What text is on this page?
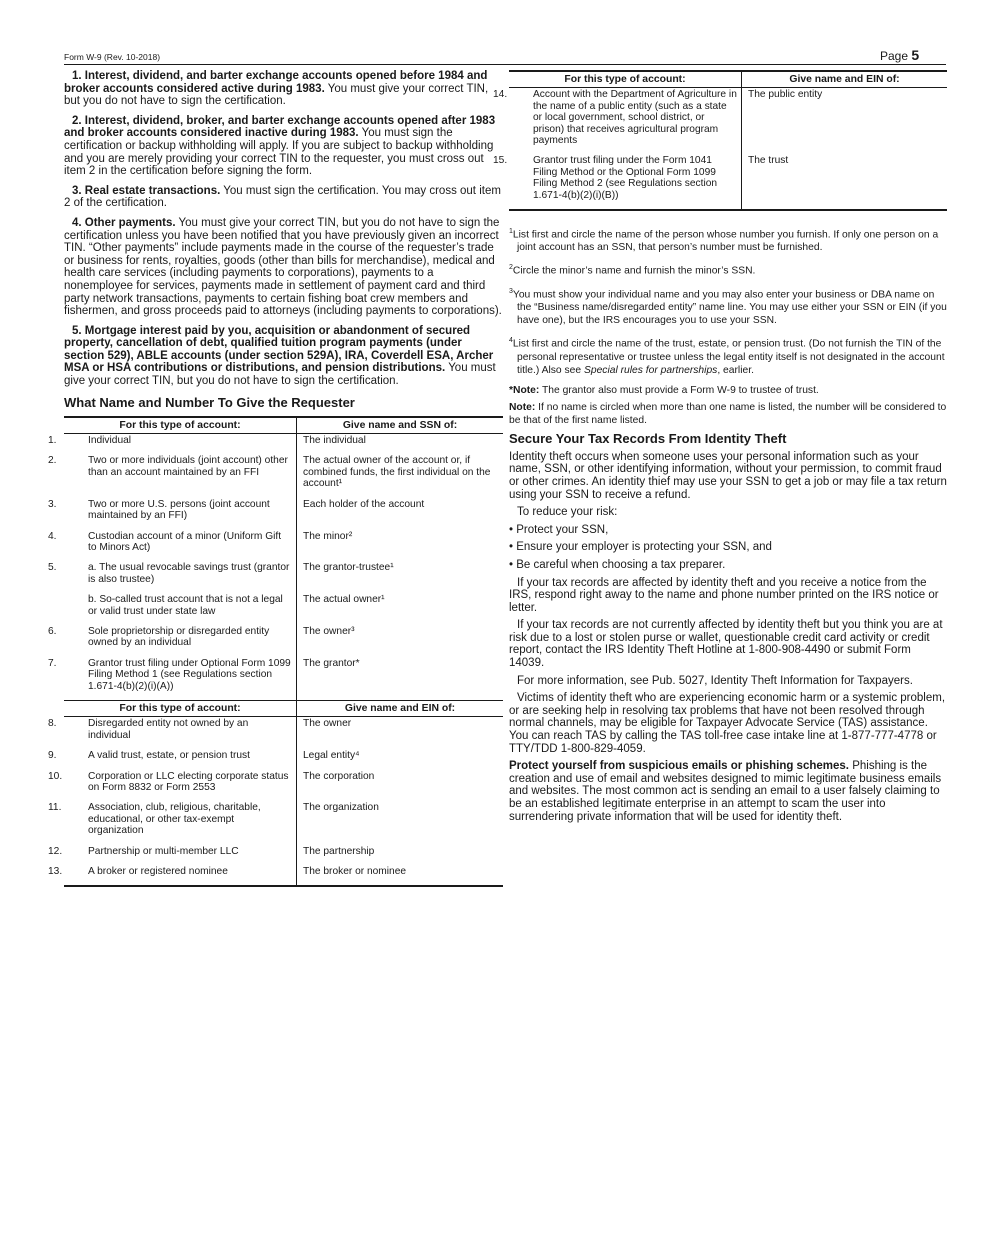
Form W-9 (Rev. 10-2018)	Page 5

1. Interest, dividend, and barter exchange accounts opened before 1984 and broker accounts considered active during 1983. You must give your correct TIN, but you do not have to sign the certification.

2. Interest, dividend, broker, and barter exchange accounts opened after 1983 and broker accounts considered inactive during 1983. You must sign the certification or backup withholding will apply. If you are subject to backup withholding and you are merely providing your correct TIN to the requester, you must cross out item 2 in the certification before signing the form.

3. Real estate transactions. You must sign the certification. You may cross out item 2 of the certification.

4. Other payments. You must give your correct TIN, but you do not have to sign the certification unless you have been notified that you have previously given an incorrect TIN. “Other payments” include payments made in the course of the requester’s trade or business for rents, royalties, goods (other than bills for merchandise), medical and health care services (including payments to corporations), payments to a nonemployee for services, payments made in settlement of payment card and third party network transactions, payments to certain fishing boat crew members and fishermen, and gross proceeds paid to attorneys (including payments to corporations).

5. Mortgage interest paid by you, acquisition or abandonment of secured property, cancellation of debt, qualified tuition program payments (under section 529), ABLE accounts (under section 529A), IRA, Coverdell ESA, Archer MSA or HSA contributions or distributions, and pension distributions. You must give your correct TIN, but you do not have to sign the certification.

What Name and Number To Give the Requester
For this type of account:	Give name and SSN of:

1. Individual	The individual

2. Two or more individuals (joint account) other than an account maintained by an FFI	The actual owner of the account or, if combined funds, the first individual on the account¹

3. Two or more U.S. persons (joint account maintained by an FFI)	Each holder of the account

4. Custodian account of a minor (Uniform Gift to Minors Act)	The minor²

5. a. The usual revocable savings trust (grantor is also trustee)	The grantor-trustee¹

b. So-called trust account that is not a legal or valid trust under state law	The actual owner¹

6. Sole proprietorship or disregarded entity owned by an individual	The owner³

7. Grantor trust filing under Optional Form 1099 Filing Method 1 (see Regulations section 1.671-4(b)(2)(i)(A))	The grantor*
For this type of account:	Give name and EIN of:

8. Disregarded entity not owned by an individual	The owner

9. A valid trust, estate, or pension trust	Legal entity⁴

10. Corporation or LLC electing corporate status on Form 8832 or Form 2553	The corporation

11. Association, club, religious, charitable, educational, or other tax-exempt organization	The organization

12. Partnership or multi-member LLC	The partnership

13. A broker or registered nominee	The broker or nominee
For this type of account:	Give name and EIN of:

14. Account with the Department of Agriculture in the name of a public entity (such as a state or local government, school district, or prison) that receives agricultural program payments	The public entity

15. Grantor trust filing under the Form 1041 Filing Method or the Optional Form 1099 Filing Method 2 (see Regulations section 1.671-4(b)(2)(i)(B))	The trust

$^1$List first and circle the name of the person whose number you furnish. If only one person on a joint account has an SSN, that person’s number must be furnished.

$^2$Circle the minor’s name and furnish the minor’s SSN.

$^3$You must show your individual name and you may also enter your business or DBA name on the “Business name/disregarded entity” name line. You may use either your SSN or EIN (if you have one), but the IRS encourages you to use your SSN.

$^4$List first and circle the name of the trust, estate, or pension trust. (Do not furnish the TIN of the personal representative or trustee unless the legal entity itself is not designated in the account title.) Also see Special rules for partnerships, earlier.

*Note: The grantor also must provide a Form W-9 to trustee of trust.

Note: If no name is circled when more than one name is listed, the number will be considered to be that of the first name listed.

Secure Your Tax Records From Identity Theft

Identity theft occurs when someone uses your personal information such as your name, SSN, or other identifying information, without your permission, to commit fraud or other crimes. An identity thief may use your SSN to get a job or may file a tax return using your SSN to receive a refund.

To reduce your risk:

• Protect your SSN,

• Ensure your employer is protecting your SSN, and

• Be careful when choosing a tax preparer.

If your tax records are affected by identity theft and you receive a notice from the IRS, respond right away to the name and phone number printed on the IRS notice or letter.

If your tax records are not currently affected by identity theft but you think you are at risk due to a lost or stolen purse or wallet, questionable credit card activity or credit report, contact the IRS Identity Theft Hotline at 1-800-908-4490 or submit Form 14039.

For more information, see Pub. 5027, Identity Theft Information for Taxpayers.

Victims of identity theft who are experiencing economic harm or a systemic problem, or are seeking help in resolving tax problems that have not been resolved through normal channels, may be eligible for Taxpayer Advocate Service (TAS) assistance. You can reach TAS by calling the TAS toll-free case intake line at 1-877-777-4778 or TTY/TDD 1-800-829-4059.

Protect yourself from suspicious emails or phishing schemes. Phishing is the creation and use of email and websites designed to mimic legitimate business emails and websites. The most common act is sending an email to a user falsely claiming to be an established legitimate enterprise in an attempt to scam the user into surrendering private information that will be used for identity theft.
